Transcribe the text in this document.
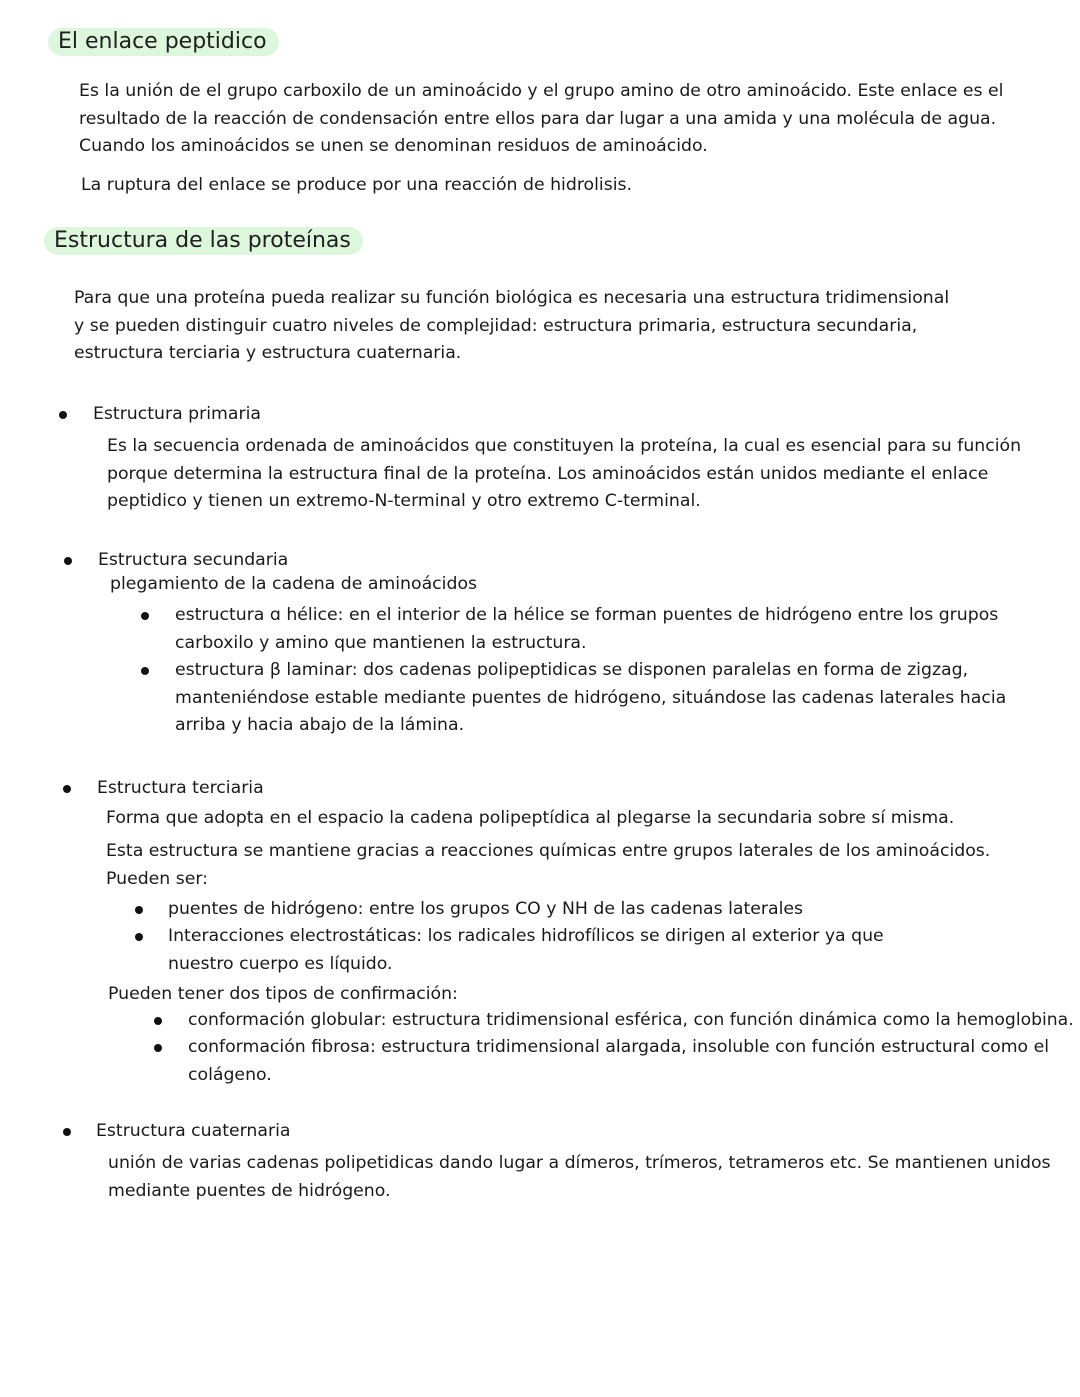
El enlace peptidico
Es la unión de el grupo carboxilo de un aminoácido y el grupo amino de otro aminoácido. Este enlace es el
resultado de la reacción de condensación entre ellos para dar lugar a una amida y una molécula de agua.
Cuando los aminoácidos se unen se denominan residuos de aminoácido.
La ruptura del enlace se produce por una reacción de hidrolisis.
Estructura de las proteínas
Para que una proteína pueda realizar su función biológica es necesaria una estructura tridimensional
y se pueden distinguir cuatro niveles de complejidad: estructura primaria, estructura secundaria,
estructura terciaria y estructura cuaternaria.
Estructura primaria
Es la secuencia ordenada de aminoácidos que constituyen la proteína, la cual es esencial para su función
porque determina la estructura final de la proteína. Los aminoácidos están unidos mediante el enlace
peptidico y tienen un extremo-N-terminal y otro extremo C-terminal.
Estructura secundaria
plegamiento de la cadena de aminoácidos
estructura ɑ hélice: en el interior de la hélice se forman puentes de hidrógeno entre los grupos
carboxilo y amino que mantienen la estructura.
estructura β laminar: dos cadenas polipeptidicas se disponen paralelas en forma de zigzag,
manteniéndose estable mediante puentes de hidrógeno, situándose las cadenas laterales hacia
arriba y hacia abajo de la lámina.
Estructura terciaria
Forma que adopta en el espacio la cadena polipeptídica al plegarse la secundaria sobre sí misma.
Esta estructura se mantiene gracias a reacciones químicas entre grupos laterales de los aminoácidos.
Pueden ser:
puentes de hidrógeno: entre los grupos CO y NH de las cadenas laterales
Interacciones electrostáticas: los radicales hidrofílicos se dirigen al exterior ya que
nuestro cuerpo es líquido.
Pueden tener dos tipos de confirmación:
conformación globular: estructura tridimensional esférica, con función dinámica como la hemoglobina.
conformación fibrosa: estructura tridimensional alargada, insoluble con función estructural como el
colágeno.
Estructura cuaternaria
unión de varias cadenas polipetidicas dando lugar a dímeros, trímeros, tetrameros etc. Se mantienen unidos
mediante puentes de hidrógeno.
